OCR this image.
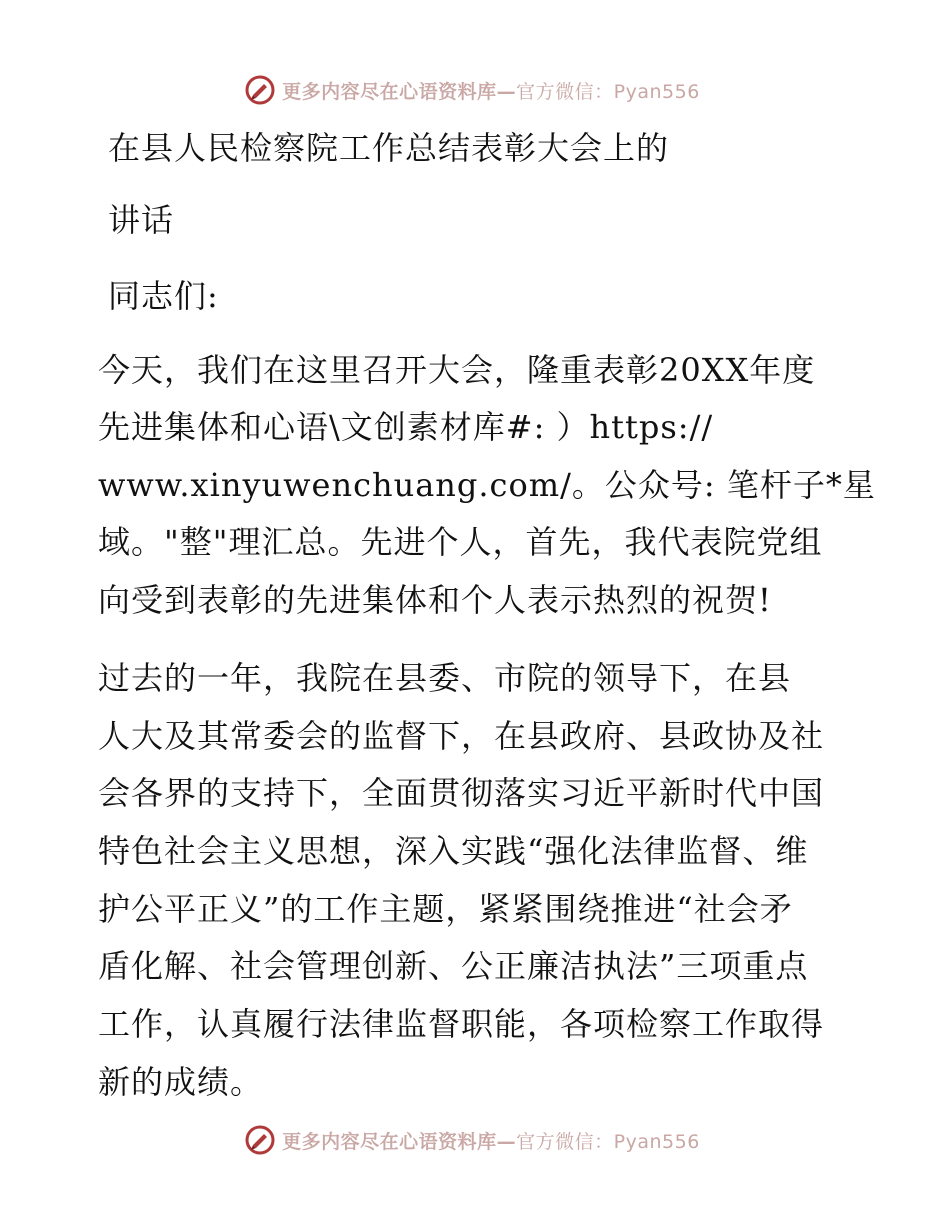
更多内容尽在心语资料库—官方微信：Pyan556
在县人民检察院工作总结表彰大会上的
讲话
同志们:
今天，我们在这里召开大会，隆重表彰20XX年度
先进集体和心语\文创素材库#: ）https://
www.xinyuwenchuang.com/。公众号: 笔杆子*星
域。"整"理汇总。先进个人，首先，我代表院党组
向受到表彰的先进集体和个人表示热烈的祝贺!
过去的一年，我院在县委、市院的领导下，在县
人大及其常委会的监督下，在县政府、县政协及社
会各界的支持下，全面贯彻落实习近平新时代中国
特色社会主义思想，深入实践“强化法律监督、维
护公平正义”的工作主题，紧紧围绕推进“社会矛
盾化解、社会管理创新、公正廉洁执法”三项重点
工作，认真履行法律监督职能，各项检察工作取得
新的成绩。
更多内容尽在心语资料库—官方微信：Pyan556
